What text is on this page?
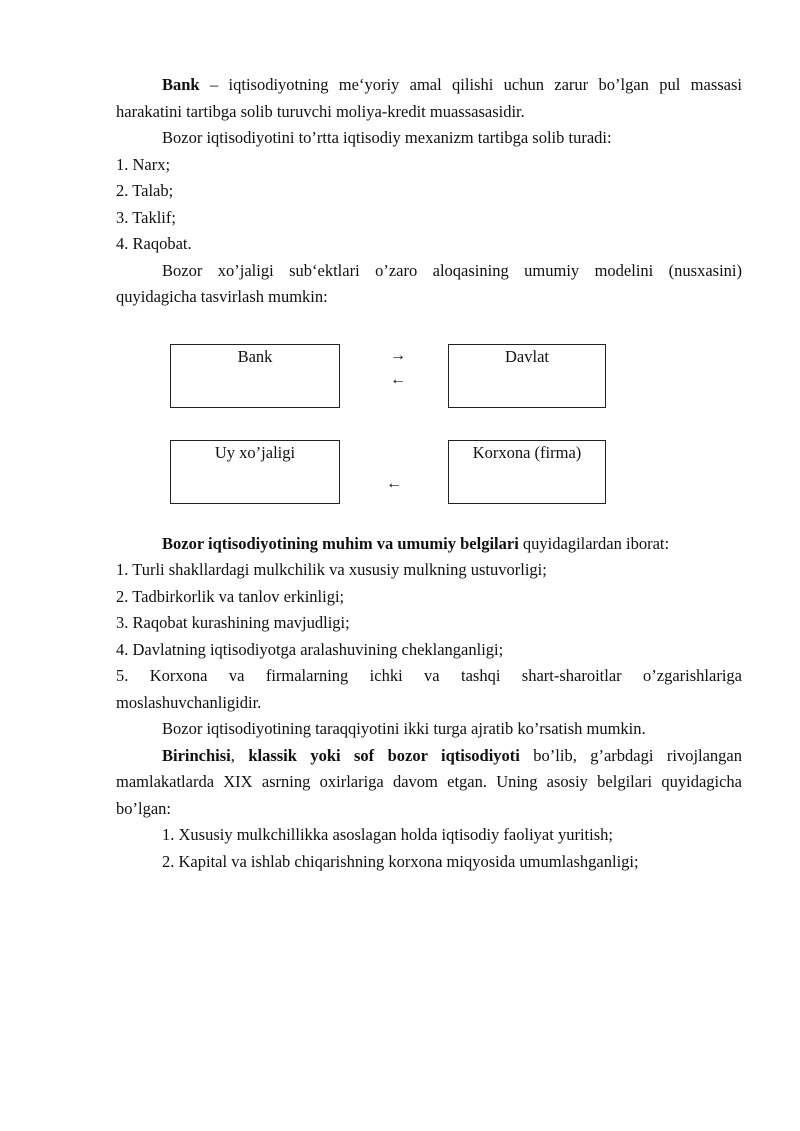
Bank – iqtisodiyotning meʻyoriy amal qilishi uchun zarur bo’lgan pul massasi harakatini tartibga solib turuvchi moliya-kredit muassasasidir.

Bozor iqtisodiyotini to’rtta iqtisodiy mexanizm tartibga solib turadi:

1. Narx;

2. Talab;

3. Taklif;

4. Raqobat.

Bozor xo’jaligi subʻektlari o’zaro aloqasining umumiy modelini (nusxasini) quyidagicha tasvirlash mumkin:

Bank	→
←
Davlat
Uy xo’jaligi
←
Korxona (firma)

Bozor iqtisodiyotining muhim va umumiy belgilari quyidagilardan iborat:

1. Turli shakllardagi mulkchilik va xususiy mulkning ustuvorligi;

2. Tadbirkorlik va tanlov erkinligi;

3. Raqobat kurashining mavjudligi;

4. Davlatning iqtisodiyotga aralashuvining cheklanganligi;

5. Korxona va firmalarning ichki va tashqi shart-sharoitlar o’zgarishlariga moslashuvchanligidir.

Bozor iqtisodiyotining taraqqiyotini ikki turga ajratib ko’rsatish mumkin.

Birinchisi, klassik yoki sof bozor iqtisodiyoti bo’lib, g’arbdagi rivojlangan mamlakatlarda XIX asrning oxirlariga davom etgan. Uning asosiy belgilari quyidagicha bo’lgan:

1. Xususiy mulkchillikka asoslagan holda iqtisodiy faoliyat yuritish;

2. Kapital va ishlab chiqarishning korxona miqyosida umumlashganligi;
